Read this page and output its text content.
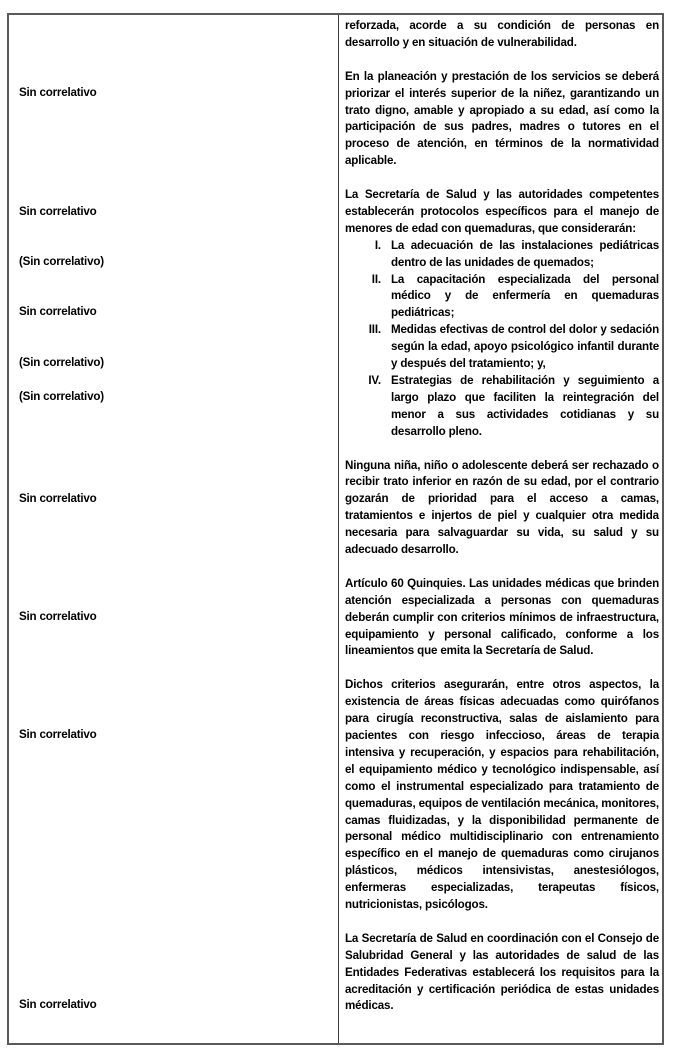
Sin correlativo
Sin correlativo
(Sin correlativo)
Sin correlativo
(Sin correlativo)
(Sin correlativo)
Sin correlativo
Sin correlativo
Sin correlativo
Sin correlativo

reforzada, acorde a su condición de personas en desarrollo y en situación de vulnerabilidad.

En la planeación y prestación de los servicios se deberá priorizar el interés superior de la niñez, garantizando un trato digno, amable y apropiado a su edad, así como la participación de sus padres, madres o tutores en el proceso de atención, en términos de la normatividad aplicable.

La Secretaría de Salud y las autoridades competentes establecerán protocolos específicos para el manejo de menores de edad con quemaduras, que considerarán:

I. La adecuación de las instalaciones pediátricas dentro de las unidades de quemados;
II. La capacitación especializada del personal médico y de enfermería en quemaduras pediátricas;
III. Medidas efectivas de control del dolor y sedación según la edad, apoyo psicológico infantil durante y después del tratamiento; y,
IV. Estrategias de rehabilitación y seguimiento a largo plazo que faciliten la reintegración del menor a sus actividades cotidianas y su desarrollo pleno.

Ninguna niña, niño o adolescente deberá ser rechazado o recibir trato inferior en razón de su edad, por el contrario gozarán de prioridad para el acceso a camas, tratamientos e injertos de piel y cualquier otra medida necesaria para salvaguardar su vida, su salud y su adecuado desarrollo.

Artículo 60 Quinquies. Las unidades médicas que brinden atención especializada a personas con quemaduras deberán cumplir con criterios mínimos de infraestructura, equipamiento y personal calificado, conforme a los lineamientos que emita la Secretaría de Salud.

Dichos criterios asegurarán, entre otros aspectos, la existencia de áreas físicas adecuadas como quirófanos para cirugía reconstructiva, salas de aislamiento para pacientes con riesgo infeccioso, áreas de terapia intensiva y recuperación, y espacios para rehabilitación, el equipamiento médico y tecnológico indispensable, así como el instrumental especializado para tratamiento de quemaduras, equipos de ventilación mecánica, monitores, camas fluidizadas, y la disponibilidad permanente de personal médico multidisciplinario con entrenamiento específico en el manejo de quemaduras como cirujanos plásticos, médicos intensivistas, anestesiólogos, enfermeras especializadas, terapeutas físicos, nutricionistas, psicólogos.

La Secretaría de Salud en coordinación con el Consejo de Salubridad General y las autoridades de salud de las Entidades Federativas establecerá los requisitos para la acreditación y certificación periódica de estas unidades médicas.
